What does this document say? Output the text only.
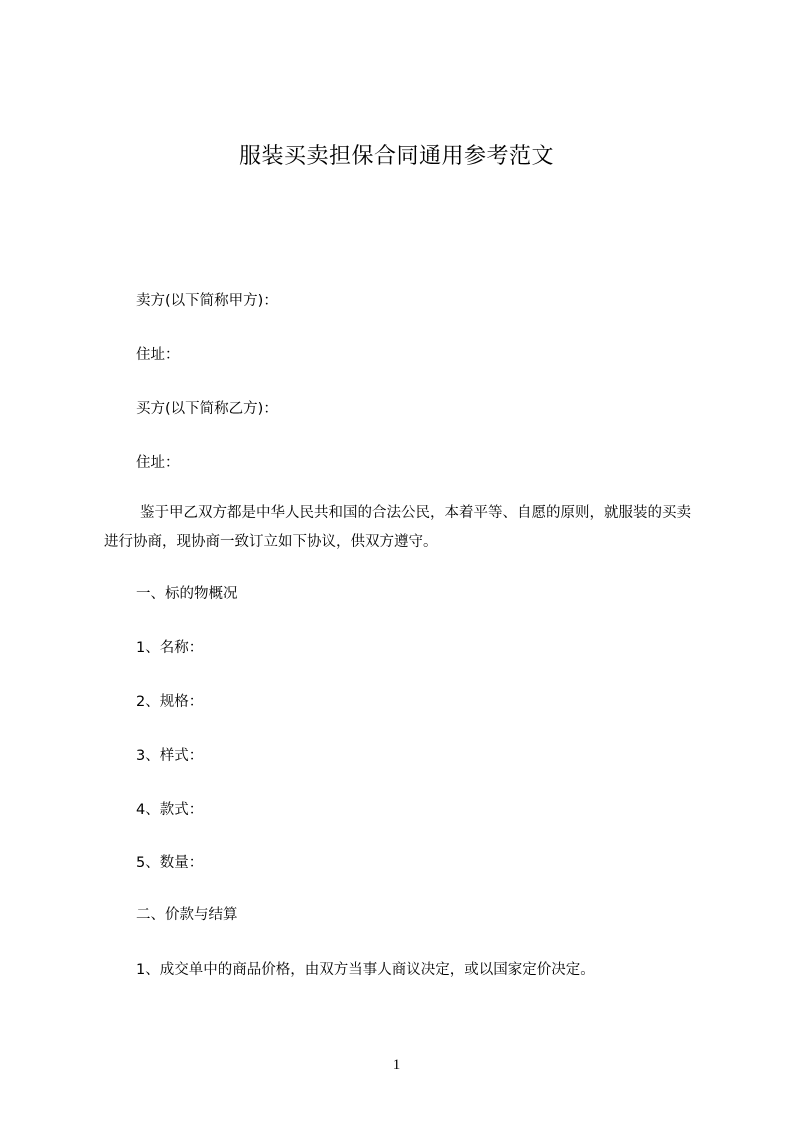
服装买卖担保合同通用参考范文
卖方(以下简称甲方)：
住址：
买方(以下简称乙方)：
住址：
鉴于甲乙双方都是中华人民共和国的合法公民，本着平等、自愿的原则，就服装的买卖进行协商，现协商一致订立如下协议，供双方遵守。
一、标的物概况
1、名称：
2、规格：
3、样式：
4、款式：
5、数量：
二、价款与结算
1、成交单中的商品价格，由双方当事人商议决定，或以国家定价决定。
1
